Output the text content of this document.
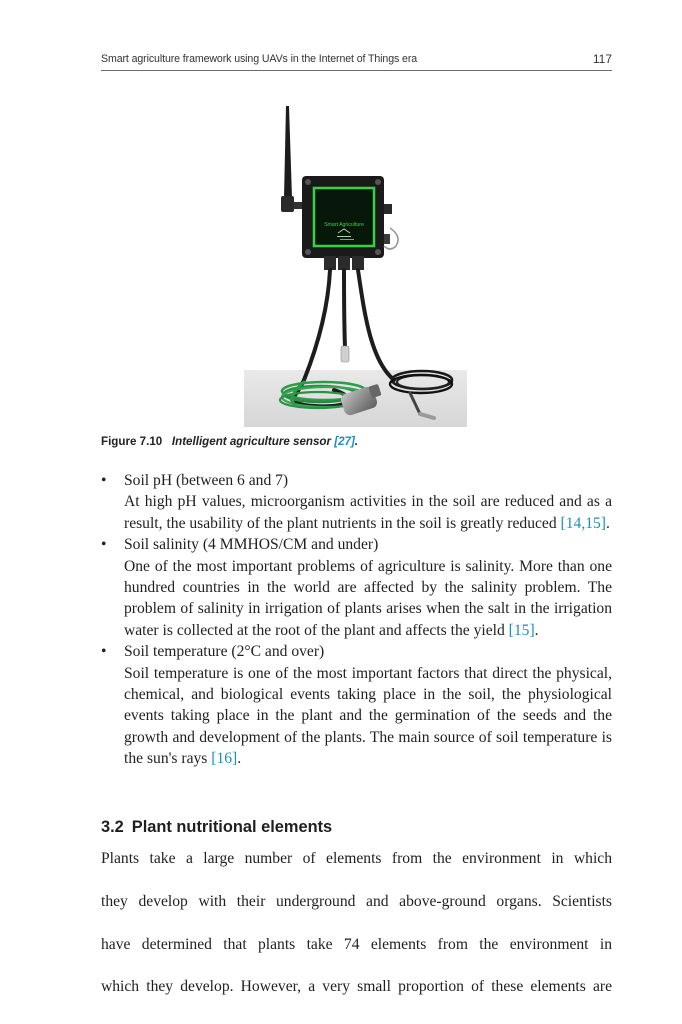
Smart agriculture framework using UAVs in the Internet of Things era	117
Smart Agriculture
Figure 7.10 Intelligent agriculture sensor [27].
• Soil pH (between 6 and 7)
At high pH values, microorganism activities in the soil are reduced and as a result, the usability of the plant nutrients in the soil is greatly reduced [14,15].
• Soil salinity (4 MMHOS/CM and under)
One of the most important problems of agriculture is salinity. More than one hundred countries in the world are affected by the salinity problem. The problem of salinity in irrigation of plants arises when the salt in the irrigation water is collected at the root of the plant and affects the yield [15].
• Soil temperature (2°C and over)
Soil temperature is one of the most important factors that direct the physical, chemical, and biological events taking place in the soil, the physiological events taking place in the plant and the germination of the seeds and the growth and development of the plants. The main source of soil temperature is the sun's rays [16].
3.2 Plant nutritional elements

Plants take a large number of elements from the environment in which
they develop with their underground and above-ground organs. Scientists
have determined that plants take 74 elements from the environment in
which they develop. However, a very small proportion of these elements are
